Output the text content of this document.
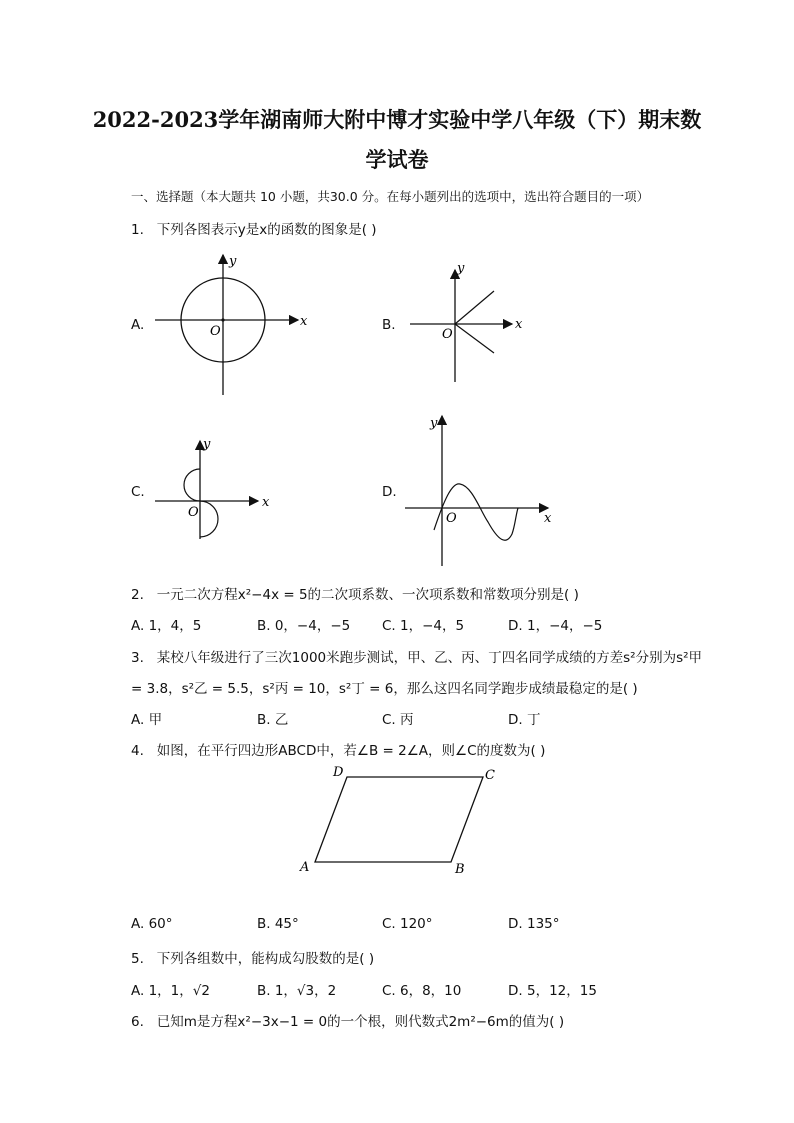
2022-2023学年湖南师大附中博才实验中学八年级（下）期末数
学试卷
一、选择题（本大题共 10 小题，共30.0 分。在每小题列出的选项中，选出符合题目的一项）
1. 下列各图表示y是x的函数的图象是( )
A.	B.
C.	D.
x
y
O	x
y
O
x
y
O	x
y
O
2. 一元二次方程x²−4x = 5的二次项系数、一次项系数和常数项分别是( )
A. 1，4，5	B. 0，−4，−5 C. 1，−4，5	D. 1，−4，−5
3. 某校八年级进行了三次1000米跑步测试，甲、乙、丙、丁四名同学成绩的方差s²分别为s²甲
= 3.8，s²乙 = 5.5，s²丙 = 10，s²丁 = 6，那么这四名同学跑步成绩最稳定的是( )
A. 甲	B. 乙	C. 丙	D. 丁
4. 如图，在平行四边形ABCD中，若∠B = 2∠A，则∠C的度数为( )
A	B
C
D
A. 60°	B. 45°	C. 120°	D. 135°
5. 下列各组数中，能构成勾股数的是( )
A. 1，1，√2	B. 1，√3，2	C. 6，8，10	D. 5，12，15
6. 已知m是方程x²−3x−1 = 0的一个根，则代数式2m²−6m的值为( )
